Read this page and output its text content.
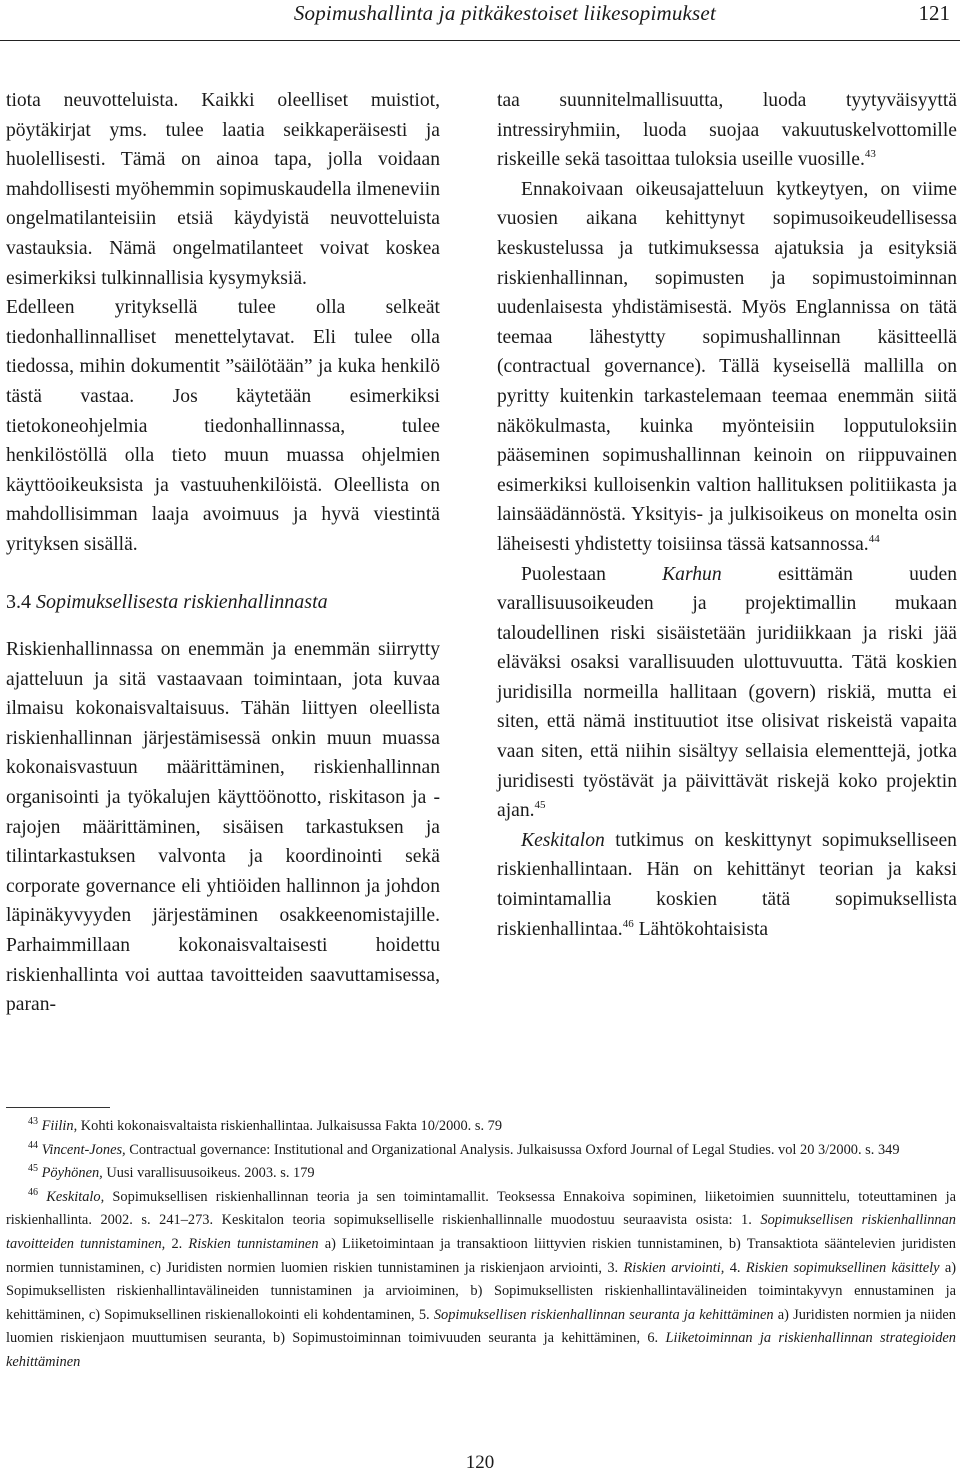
Sopimushallinta ja pitkäkestoiset liikesopimukset	121

tiota neuvotteluista. Kaikki oleelliset muistiot, pöytäkirjat yms. tulee laatia seikkaperäisesti ja huolellisesti. Tämä on ainoa tapa, jolla voidaan mahdollisesti myöhemmin sopimuskaudella ilmeneviin ongelmatilanteisiin etsiä käydyistä neuvotteluista vastauksia. Nämä ongelmatilanteet voivat koskea esimerkiksi tulkinnallisia kysymyksiä.

Edelleen yrityksellä tulee olla selkeät tiedonhallinnalliset menettelytavat. Eli tulee olla tiedossa, mihin dokumentit ”säilötään” ja kuka henkilö tästä vastaa. Jos käytetään esimerkiksi tietokoneohjelmia tiedonhallinnassa, tulee henkilöstöllä olla tieto muun muassa ohjelmien käyttöoikeuksista ja vastuuhenkilöistä. Oleellista on mahdollisimman laaja avoimuus ja hyvä viestintä yrityksen sisällä.

3.4 Sopimuksellisesta riskienhallinnasta

Riskienhallinnassa on enemmän ja enemmän siirrytty ajatteluun ja sitä vastaavaan toimintaan, jota kuvaa ilmaisu kokonaisvaltaisuus. Tähän liittyen oleellista riskienhallinnan järjestämisessä onkin muun muassa kokonaisvastuun määrittäminen, riskienhallinnan organisointi ja työkalujen käyttöönotto, riskitason ja -rajojen määrittäminen, sisäisen tarkastuksen ja tilintarkastuksen valvonta ja koordinointi sekä corporate governance eli yhtiöiden hallinnon ja johdon läpinäkyvyyden järjestäminen osakkeenomistajille. Parhaimmillaan kokonaisvaltaisesti hoidettu riskienhallinta voi auttaa tavoitteiden saavuttamisessa, paran-

taa suunnitelmallisuutta, luoda tyytyväisyyttä intressiryhmiin, luoda suojaa vakuutuskelvottomille riskeille sekä tasoittaa tuloksia useille vuosille.$^{43}$

Ennakoivaan oikeusajatteluun kytkeytyen, on viime vuosien aikana kehittynyt sopimusoikeudellisessa keskustelussa ja tutkimuksessa ajatuksia ja esityksiä riskienhallinnan, sopimusten ja sopimustoiminnan uudenlaisesta yhdistämisestä. Myös Englannissa on tätä teemaa lähestytty sopimushallinnan käsitteellä (contractual governance). Tällä kyseisellä mallilla on pyritty kuitenkin tarkastelemaan teemaa enemmän siitä näkökulmasta, kuinka myönteisiin lopputuloksiin pääseminen sopimushallinnan keinoin on riippuvainen esimerkiksi kulloisenkin valtion hallituksen politiikasta ja lainsäädännöstä. Yksityis- ja julkisoikeus on monelta osin läheisesti yhdistetty toisiinsa tässä katsannossa.$^{44}$

Puolestaan	Karhun	esittämän uuden varallisuusoikeuden ja projektimallin mukaan taloudellinen riski sisäistetään juridiikkaan ja riski jää eläväksi osaksi varallisuuden ulottuvuutta. Tätä koskien juridisilla normeilla hallitaan (govern) riskiä, mutta ei siten, että nämä instituutiot itse olisivat riskeistä vapaita vaan siten, että niihin sisältyy sellaisia elementtejä, jotka juridisesti työstävät ja päivittävät riskejä koko projektin ajan.$^{45}$

Keskitalon tutkimus on keskittynyt sopimukselliseen riskienhallintaan. Hän on kehittänyt teorian ja kaksi toimintamallia koskien tätä sopimuksellista riskienhallintaa.$^{46}$ Lähtökohtaisista

$^{43}$ Fiilin, Kohti kokonaisvaltaista riskienhallintaa. Julkaisussa Fakta 10/2000. s. 79

$^{44}$ Vincent-Jones, Contractual governance: Institutional and Organizational Analysis. Julkaisussa Oxford Journal of Legal Studies. vol 20 3/2000. s. 349

$^{45}$ Pöyhönen, Uusi varallisuusoikeus. 2003. s. 179

$^{46}$ Keskitalo, Sopimuksellisen riskienhallinnan teoria ja sen toimintamallit. Teoksessa Ennakoiva sopiminen, liiketoimien suunnittelu, toteuttaminen ja riskienhallinta. 2002. s. 241–273. Keskitalon teoria sopimukselliselle riskienhallinnalle muodostuu seuraavista osista: 1. Sopimuksellisen riskienhallinnan tavoitteiden tunnistaminen, 2. Riskien tunnistaminen a) Liiketoimintaan ja transaktioon liittyvien riskien tunnistaminen, b) Transaktiota sääntelevien juridisten normien tunnistaminen, c) Juridisten normien luomien riskien tunnistaminen ja riskienjaon arviointi, 3. Riskien arviointi, 4. Riskien sopimuksellinen käsittely a) Sopimuksellisten riskienhallintavälineiden tunnistaminen ja arvioiminen, b) Sopimuksellisten riskienhallintavälineiden toimintakyvyn ennustaminen ja kehittäminen, c) Sopimuksellinen riskienallokointi eli kohdentaminen, 5. Sopimuksellisen riskienhallinnan seuranta ja kehittäminen a) Juridisten normien ja niiden luomien riskienjaon muuttumisen seuranta, b) Sopimustoiminnan toimivuuden seuranta ja kehittäminen, 6. Liiketoiminnan ja riskienhallinnan strategioiden kehittäminen

120
